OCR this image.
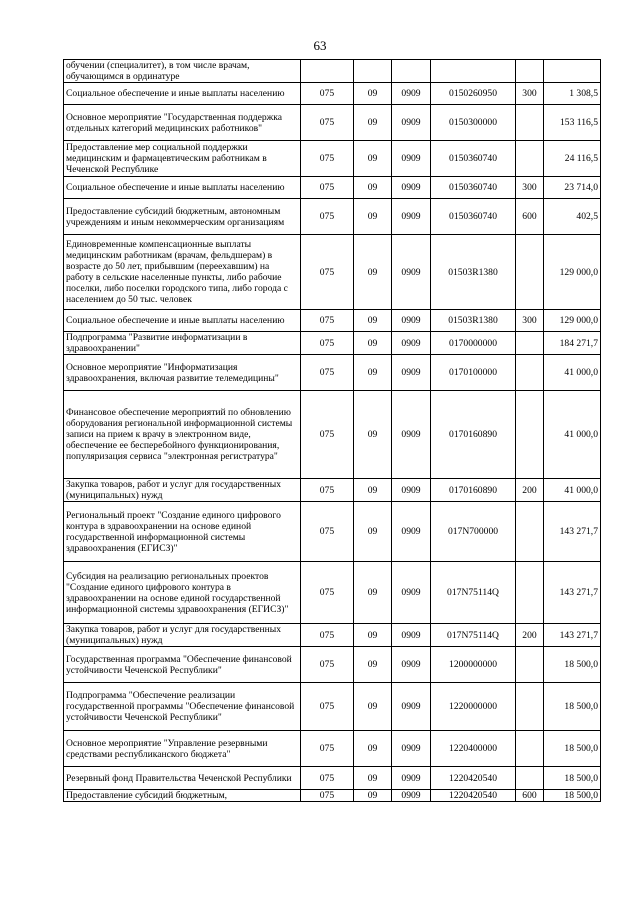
63
обучении (специалитет), в том числе врачам, обучающимся в ординатуре						
Социальное обеспечение и иные выплаты населению	075	09	0909	0150260950	300	1 308,5
Основное мероприятие "Государственная поддержка отдельных категорий медицинских работников"	075	09	0909	0150300000		153 116,5
Предоставление мер социальной поддержки медицинским и фармацевтическим работникам в Чеченской Республике	075	09	0909	0150360740		24 116,5
Социальное обеспечение и иные выплаты населению	075	09	0909	0150360740	300	23 714,0
Предоставление субсидий бюджетным, автономным учреждениям и иным некоммерческим организациям	075	09	0909	0150360740	600	402,5
Единовременные компенсационные выплаты медицинским работникам (врачам, фельдшерам) в возрасте до 50 лет, прибывшим (переехавшим) на работу в сельские населенные пункты, либо рабочие поселки, либо поселки городского типа, либо города с населением до 50 тыс. человек	075	09	0909	01503R1380		129 000,0
Социальное обеспечение и иные выплаты населению	075	09	0909	01503R1380	300	129 000,0
Подпрограмма "Развитие информатизации в здравоохранении"	075	09	0909	0170000000		184 271,7
Основное мероприятие "Информатизация здравоохранения, включая развитие телемедицины"	075	09	0909	0170100000		41 000,0
Финансовое обеспечение мероприятий по обновлению оборудования региональной информационной системы записи на прием к врачу в электронном виде, обеспечение ее бесперебойного функционирования, популяризация сервиса "электронная регистратура"	075	09	0909	0170160890		41 000,0
Закупка товаров, работ и услуг для государственных (муниципальных) нужд	075	09	0909	0170160890	200	41 000,0
Региональный проект "Создание единого цифрового контура в здравоохранении на основе единой государственной информационной системы здравоохранения (ЕГИСЗ)"	075	09	0909	017N700000		143 271,7
Субсидия на реализацию региональных проектов "Создание единого цифрового контура в здравоохранении на основе единой государственной информационной системы здравоохранения (ЕГИСЗ)"	075	09	0909	017N75114Q		143 271,7
Закупка товаров, работ и услуг для государственных (муниципальных) нужд	075	09	0909	017N75114Q	200	143 271,7
Государственная программа "Обеспечение финансовой устойчивости Чеченской Республики"	075	09	0909	1200000000		18 500,0
Подпрограмма "Обеспечение реализации государственной программы "Обеспечение финансовой устойчивости Чеченской Республики"	075	09	0909	1220000000		18 500,0
Основное мероприятие "Управление резервными средствами республиканского бюджета"	075	09	0909	1220400000		18 500,0
Резервный фонд Правительства Чеченской Республики	075	09	0909	1220420540		18 500,0
Предоставление субсидий бюджетным,	075	09	0909	1220420540	600	18 500,0
